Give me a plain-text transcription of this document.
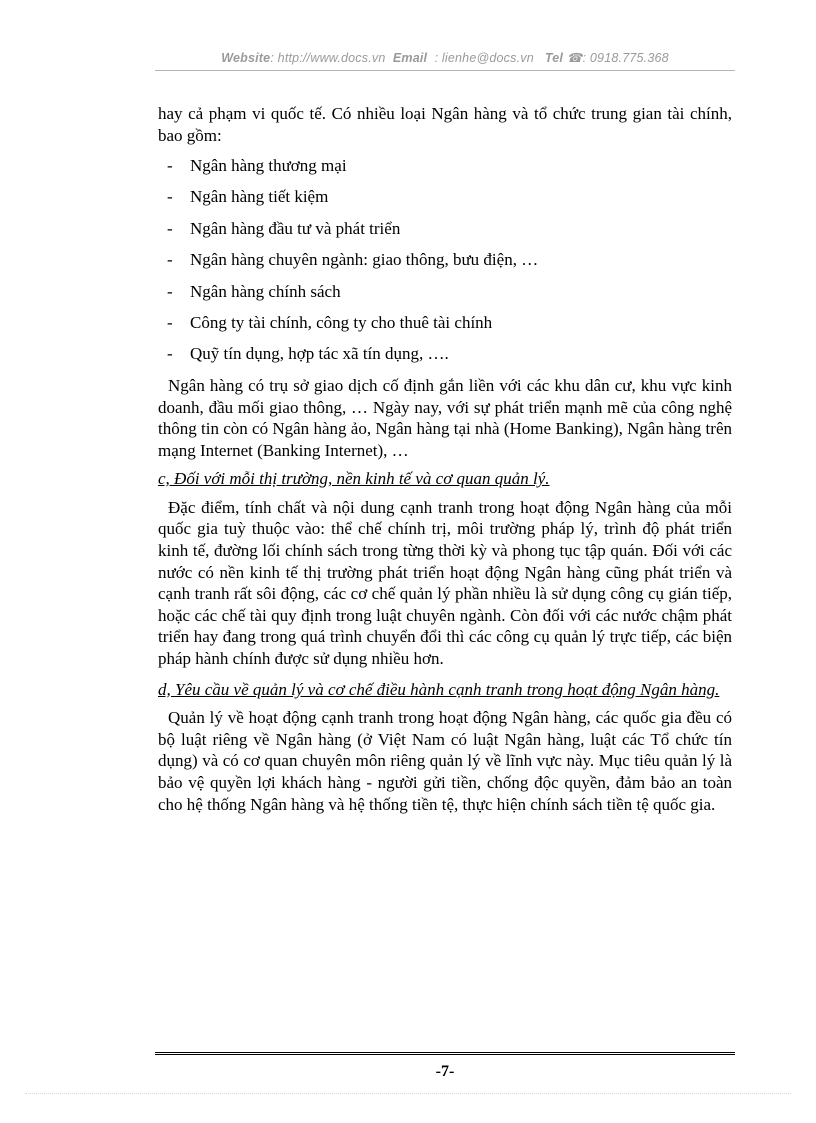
Website: http://www.docs.vn Email : lienhe@docs.vn Tel ☎: 0918.775.368

hay cả phạm vi quốc tế. Có nhiều loại Ngân hàng và tổ chức trung gian tài chính, bao gồm:

-	Ngân hàng thương mại
-	Ngân hàng tiết kiệm
-	Ngân hàng đầu tư và phát triển
-	Ngân hàng chuyên ngành: giao thông, bưu điện, …
-	Ngân hàng chính sách
-	Công ty tài chính, công ty cho thuê tài chính
-	Quỹ tín dụng, hợp tác xã tín dụng, ….

Ngân hàng có trụ sở giao dịch cố định gắn liền với các khu dân cư, khu vực kinh doanh, đầu mối giao thông, … Ngày nay, với sự phát triển mạnh mẽ của công nghệ thông tin còn có Ngân hàng ảo, Ngân hàng tại nhà (Home Banking), Ngân hàng trên mạng Internet (Banking Internet), …

c, Đối với mỗi thị trường, nền kinh tế và cơ quan quản lý.

Đặc điểm, tính chất và nội dung cạnh tranh trong hoạt động Ngân hàng của mỗi quốc gia tuỳ thuộc vào: thể chế chính trị, môi trường pháp lý, trình độ phát triển kinh tế, đường lối chính sách trong từng thời kỳ và phong tục tập quán. Đối với các nước có nền kinh tế thị trường phát triển hoạt động Ngân hàng cũng phát triển và cạnh tranh rất sôi động, các cơ chế quản lý phần nhiều là sử dụng công cụ gián tiếp, hoặc các chế tài quy định trong luật chuyên ngành. Còn đối với các nước chậm phát triển hay đang trong quá trình chuyển đổi thì các công cụ quản lý trực tiếp, các biện pháp hành chính được sử dụng nhiều hơn.

d, Yêu cầu về quản lý và cơ chế điều hành cạnh tranh trong hoạt động Ngân hàng.

Quản lý về hoạt động cạnh tranh trong hoạt động Ngân hàng, các quốc gia đều có bộ luật riêng về Ngân hàng (ở Việt Nam có luật Ngân hàng, luật các Tổ chức tín dụng) và có cơ quan chuyên môn riêng quản lý về lĩnh vực này. Mục tiêu quản lý là bảo vệ quyền lợi khách hàng - người gửi tiền, chống độc quyền, đảm bảo an toàn cho hệ thống Ngân hàng và hệ thống tiền tệ, thực hiện chính sách tiền tệ quốc gia.

-7-
